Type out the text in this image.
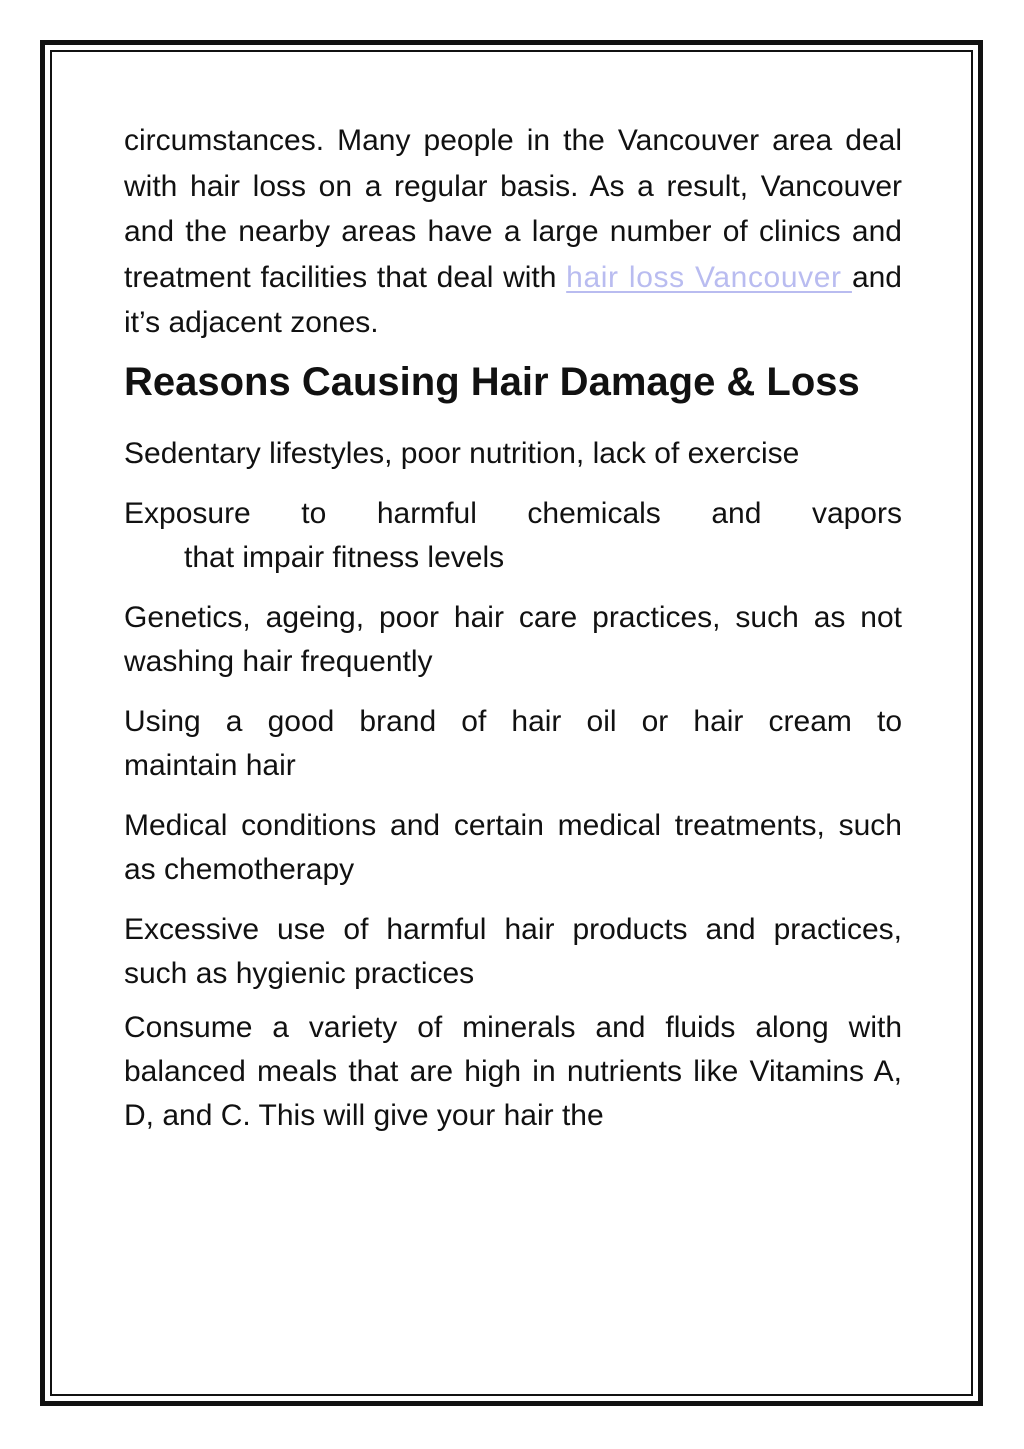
circumstances. Many people in the Vancouver area deal with hair loss on a regular basis. As a result, Vancouver and the nearby areas have a large number of clinics and treatment facilities that deal with hair loss Vancouver and it’s adjacent zones.

Reasons Causing Hair Damage & Loss

Sedentary lifestyles, poor nutrition, lack of exercise

Exposure to harmful chemicals and vapors
that impair fitness levels

Genetics, ageing, poor hair care practices, such as not washing hair frequently

Using a good brand of hair oil or hair cream to
maintain hair

Medical conditions and certain medical treatments, such as chemotherapy

Excessive use of harmful hair products and practices, such as hygienic practices

Consume a variety of minerals and fluids along with balanced meals that are high in nutrients like Vitamins A, D, and C. This will give your hair the
